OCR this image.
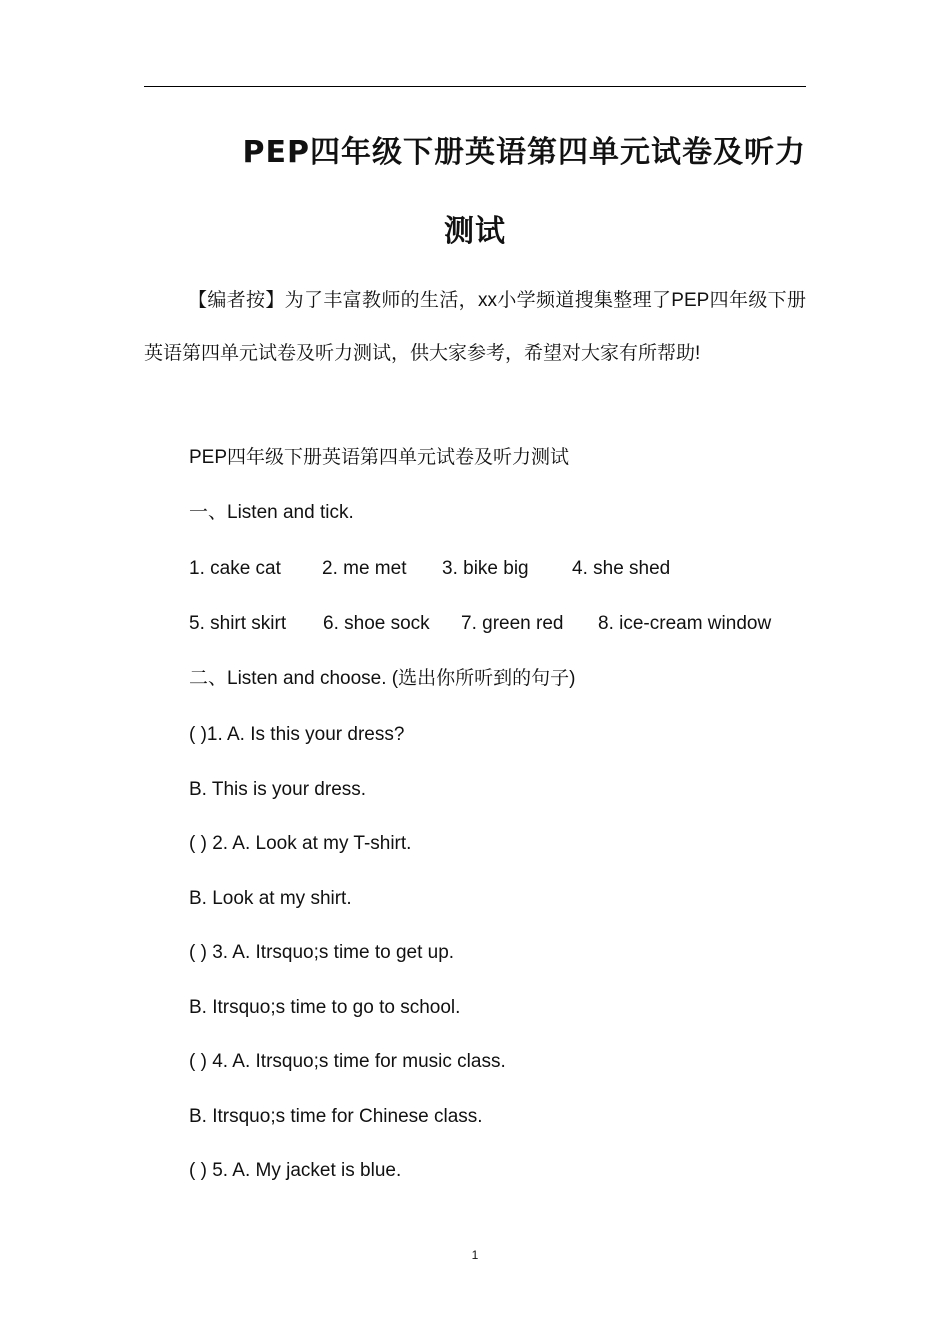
PEP四年级下册英语第四单元试卷及听力
测试

【编者按】为了丰富教师的生活，xx小学频道搜集整理了PEP四年级下册英语第四单元试卷及听力测试，供大家参考，希望对大家有所帮助!

PEP四年级下册英语第四单元试卷及听力测试

一、Listen and tick.

1. cake cat 2. me met 3. bike big 4. she shed
5. shirt skirt 6. shoe sock 7. green red 8. ice-cream window

二、Listen and choose. (选出你所听到的句子)

( )1. A. Is this your dress?

B. This is your dress.

( ) 2. A. Look at my T-shirt.

B. Look at my shirt.

( ) 3. A. Itrsquo;s time to get up.

B. Itrsquo;s time to go to school.

( ) 4. A. Itrsquo;s time for music class.

B. Itrsquo;s time for Chinese class.

( ) 5. A. My jacket is blue.

1
